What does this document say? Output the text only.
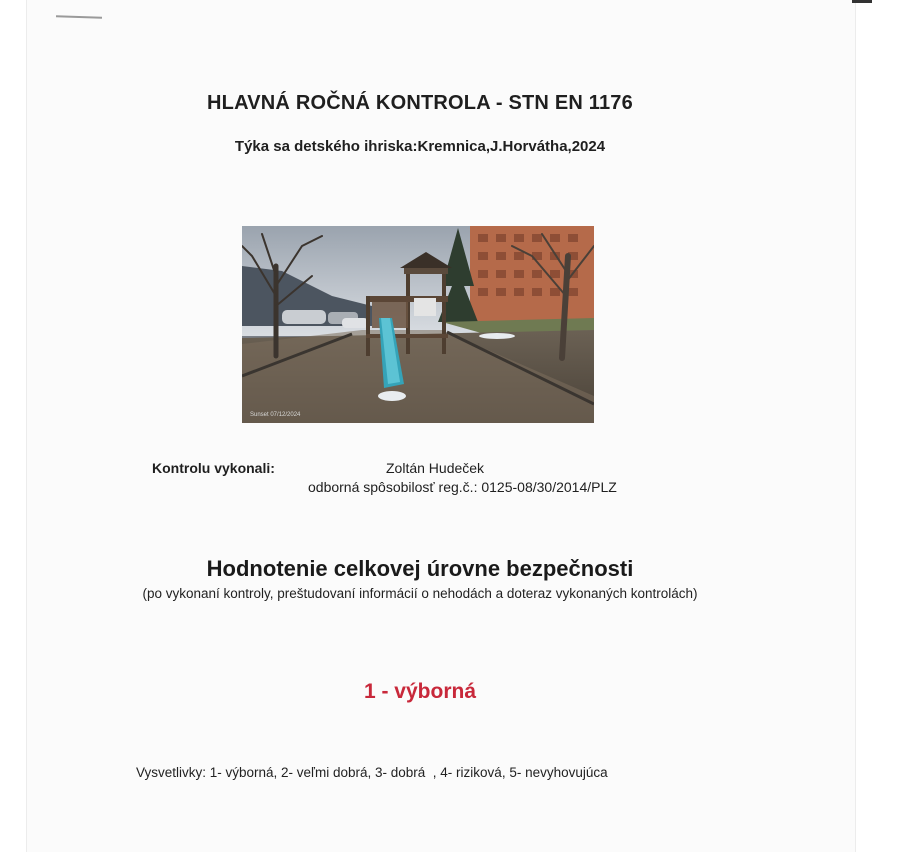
HLAVNÁ ROČNÁ KONTROLA - STN EN 1176
Týka sa detského ihriska:Kremnica,J.Horvátha,2024
Sunset 07/12/2024
Kontrolu vykonali:	Zoltán Hudeček
odborná spôsobilosť reg.č.: 0125-08/30/2014/PLZ
Hodnotenie celkovej úrovne bezpečnosti
(po vykonaní kontroly, preštudovaní informácií o nehodách a doteraz vykonaných kontrolách)
1 - výborná
Vysvetlivky: 1- výborná, 2- veľmi dobrá, 3- dobrá  , 4- riziková, 5- nevyhovujúca
